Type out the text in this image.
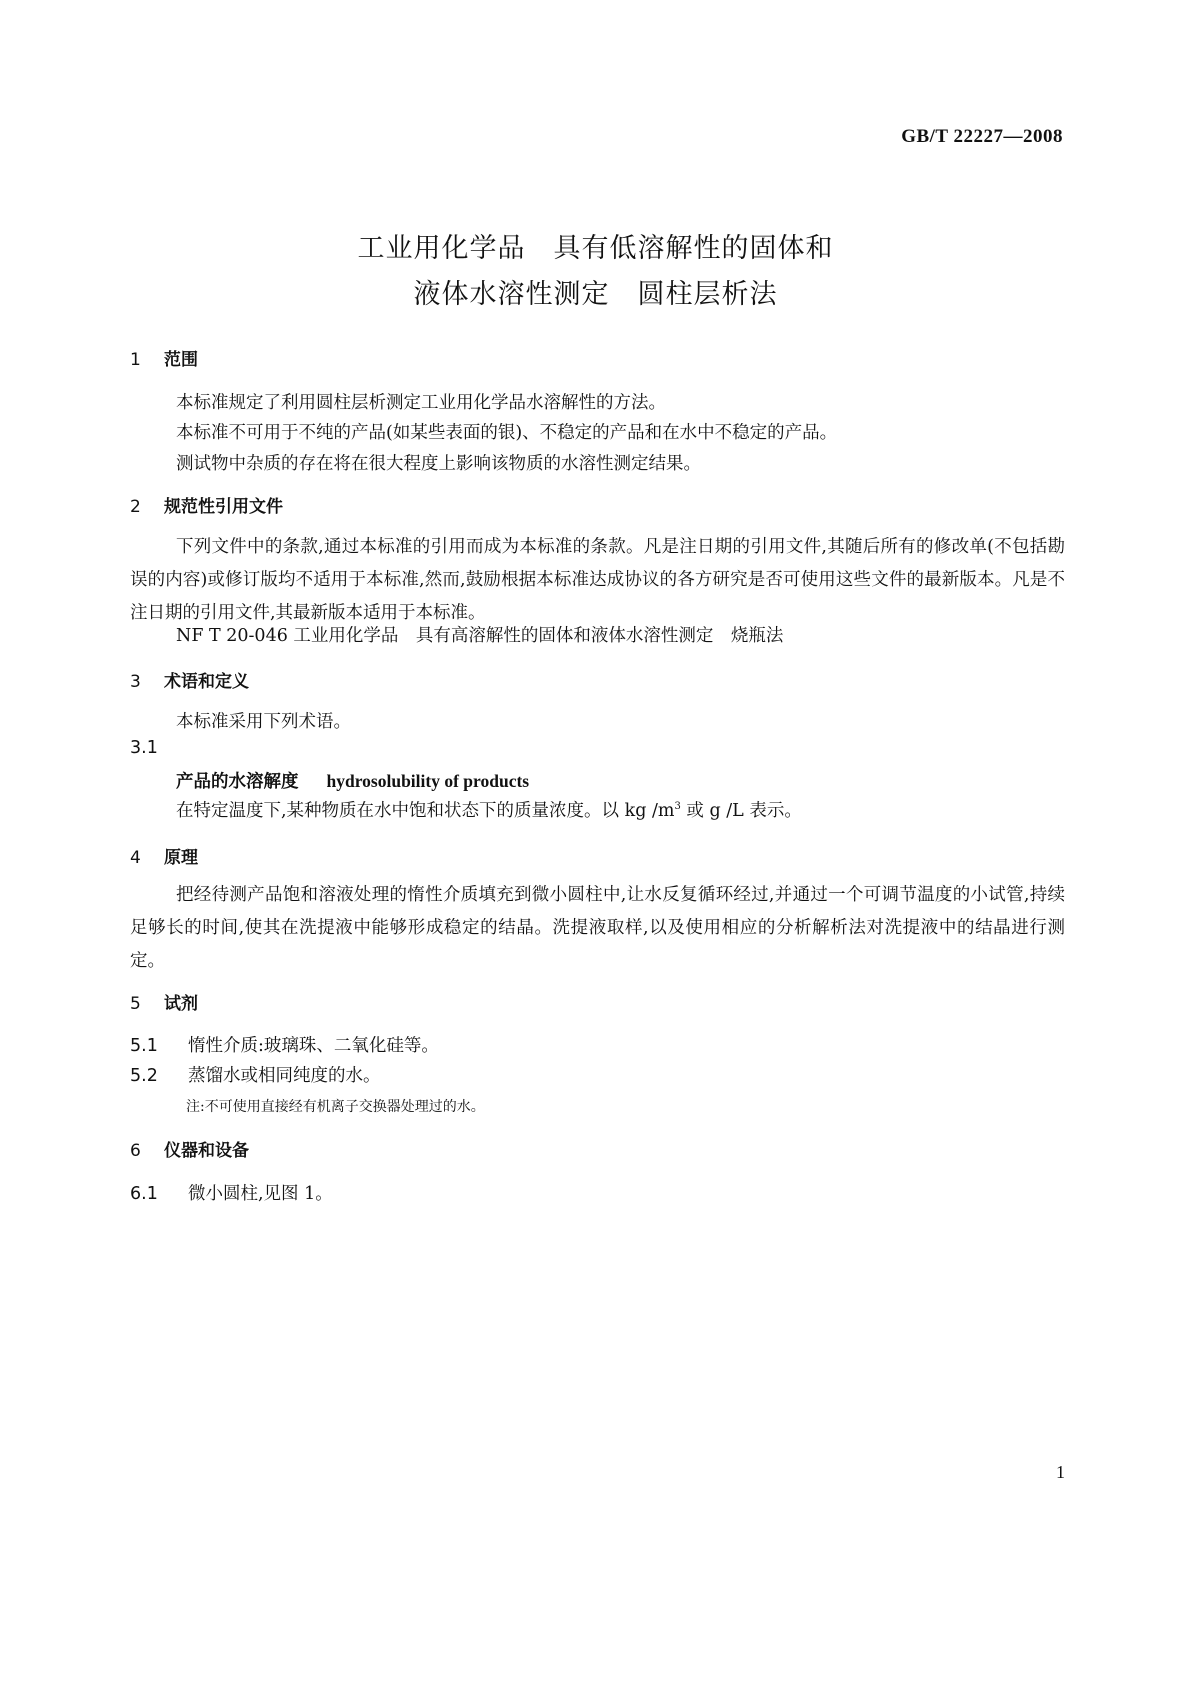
GB/T 22227—2008
工业用化学品 具有低溶解性的固体和
液体水溶性测定 圆柱层析法
1 范围
本标准规定了利用圆柱层析测定工业用化学品水溶解性的方法。
本标准不可用于不纯的产品(如某些表面的银)、不稳定的产品和在水中不稳定的产品。
测试物中杂质的存在将在很大程度上影响该物质的水溶性测定结果。
2 规范性引用文件
下列文件中的条款,通过本标准的引用而成为本标准的条款。凡是注日期的引用文件,其随后所有的修改单(不包括勘误的内容)或修订版均不适用于本标准,然而,鼓励根据本标准达成协议的各方研究是否可使用这些文件的最新版本。凡是不注日期的引用文件,其最新版本适用于本标准。
NF T 20-046 工业用化学品　具有高溶解性的固体和液体水溶性测定　烧瓶法
3 术语和定义
本标准采用下列术语。
3.1
产品的水溶解度 hydrosolubility of products
在特定温度下,某种物质在水中饱和状态下的质量浓度。以 kg $/m^3$ 或 g /L 表示。
4 原理
把经待测产品饱和溶液处理的惰性介质填充到微小圆柱中,让水反复循环经过,并通过一个可调节温度的小试管,持续足够长的时间,使其在洗提液中能够形成稳定的结晶。洗提液取样,以及使用相应的分析解析法对洗提液中的结晶进行测定。
5 试剂
5.1 惰性介质:玻璃珠、二氧化硅等。
5.2 蒸馏水或相同纯度的水。
注:不可使用直接经有机离子交换器处理过的水。
6 仪器和设备
6.1 微小圆柱,见图 1。
1
